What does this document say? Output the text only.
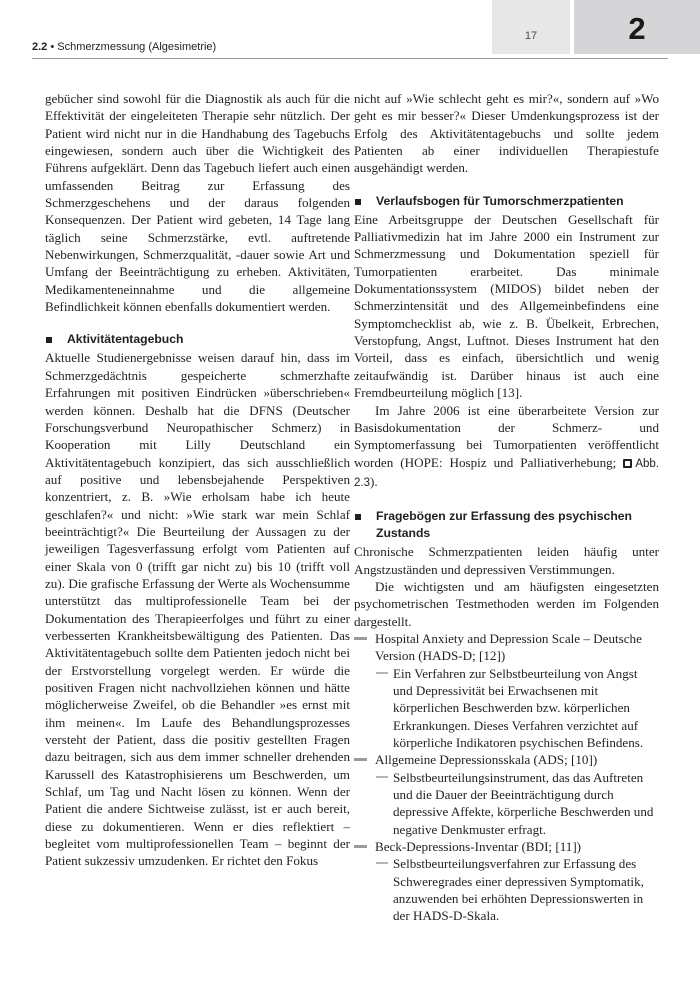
17	2
2.2 • Schmerzmessung (Algesimetrie)

gebücher sind sowohl für die Diagnostik als auch für die Effektivität der eingeleiteten Therapie sehr nützlich. Der Patient wird nicht nur in die Handhabung des Tagebuchs eingewiesen, sondern auch über die Wichtigkeit des Führens aufgeklärt. Denn das Tagebuch liefert auch einen umfassenden Beitrag zur Erfassung des Schmerzgeschehens und der daraus folgenden Konsequenzen. Der Patient wird gebeten, 14 Tage lang täglich seine Schmerzstärke, evtl. auftretende Nebenwirkungen, Schmerzqualität, -dauer sowie Art und Umfang der Beeinträchtigung zu erheben. Aktivitäten, Medikamenteneinnahme und die allgemeine Befindlichkeit können ebenfalls dokumentiert werden.

Aktivitätentagebuch

Aktuelle Studienergebnisse weisen darauf hin, dass im Schmerzgedächtnis gespeicherte schmerzhafte Erfahrungen mit positiven Eindrücken »überschrieben« werden können. Deshalb hat die DFNS (Deutscher Forschungsverbund Neuropathischer Schmerz) in Kooperation mit Lilly Deutschland ein Aktivitätentagebuch konzipiert, das sich ausschließlich auf positive und lebensbejahende Perspektiven konzentriert, z. B. »Wie erholsam habe ich heute geschlafen?« und nicht: »Wie stark war mein Schlaf beeinträchtigt?« Die Beurteilung der Aussagen zu der jeweiligen Tagesverfassung erfolgt vom Patienten auf einer Skala von 0 (trifft gar nicht zu) bis 10 (trifft voll zu). Die grafische Erfassung der Werte als Wochensumme unterstützt das multiprofessionelle Team bei der Dokumentation des Therapieerfolges und führt zu einer verbesserten Krankheitsbewältigung des Patienten. Das Aktivitätentagebuch sollte dem Patienten jedoch nicht bei der Erstvorstellung vorgelegt werden. Er würde die positiven Fragen nicht nachvollziehen können und hätte möglicherweise Zweifel, ob die Behandler »es ernst mit ihm meinen«. Im Laufe des Behandlungsprozesses versteht der Patient, dass die positiv gestellten Fragen dazu beitragen, sich aus dem immer schneller drehenden Karussell des Katastrophisierens um Beschwerden, um Schlaf, um Tag und Nacht lösen zu können. Wenn der Patient die andere Sichtweise zulässt, ist er auch bereit, diese zu dokumentieren. Wenn er dies reflektiert – begleitet vom multiprofessionellen Team – beginnt der Patient sukzessiv umzudenken. Er richtet den Fokus

nicht auf »Wie schlecht geht es mir?«, sondern auf »Wo geht es mir besser?« Dieser Umdenkungsprozess ist der Erfolg des Aktivitätentagebuchs und sollte jedem Patienten ab einer individuellen Therapiestufe ausgehändigt werden.

Verlaufsbogen für Tumorschmerzpatienten

Eine Arbeitsgruppe der Deutschen Gesellschaft für Palliativmedizin hat im Jahre 2000 ein Instrument zur Schmerzmessung und Dokumentation speziell für Tumorpatienten erarbeitet. Das minimale Dokumentationssystem (MIDOS) bildet neben der Schmerzintensität und des Allgemeinbefindens eine Symptomchecklist ab, wie z. B. Übelkeit, Erbrechen, Verstopfung, Angst, Luftnot. Dieses Instrument hat den Vorteil, dass es einfach, übersichtlich und wenig zeitaufwändig ist. Darüber hinaus ist auch eine Fremdbeurteilung möglich [13].

Im Jahre 2006 ist eine überarbeitete Version zur Basisdokumentation der Schmerz- und Symptomerfassung bei Tumorpatienten veröffentlicht worden (HOPE: Hospiz und Palliativerhebung; Abb. 2.3).

Fragebögen zur Erfassung des psychischen Zustands

Chronische Schmerzpatienten leiden häufig unter Angstzuständen und depressiven Verstimmungen.

Die wichtigsten und am häufigsten eingesetzten psychometrischen Testmethoden werden im Folgenden dargestellt.

Hospital Anxiety and Depression Scale – Deutsche Version (HADS-D; [12])
Ein Verfahren zur Selbstbeurteilung von Angst und Depressivität bei Erwachsenen mit körperlichen Beschwerden bzw. körperlichen Erkrankungen. Dieses Verfahren verzichtet auf körperliche Indikatoren psychischen Befindens.
Allgemeine Depressionsskala (ADS; [10])
Selbstbeurteilungsinstrument, das das Auftreten und die Dauer der Beeinträchtigung durch depressive Affekte, körperliche Beschwerden und negative Denkmuster erfragt.
Beck-Depressions-Inventar (BDI; [11])
Selbstbeurteilungsverfahren zur Erfassung des Schweregrades einer depressiven Symptomatik, anzuwenden bei erhöhten Depressionswerten in der HADS-D-Skala.
